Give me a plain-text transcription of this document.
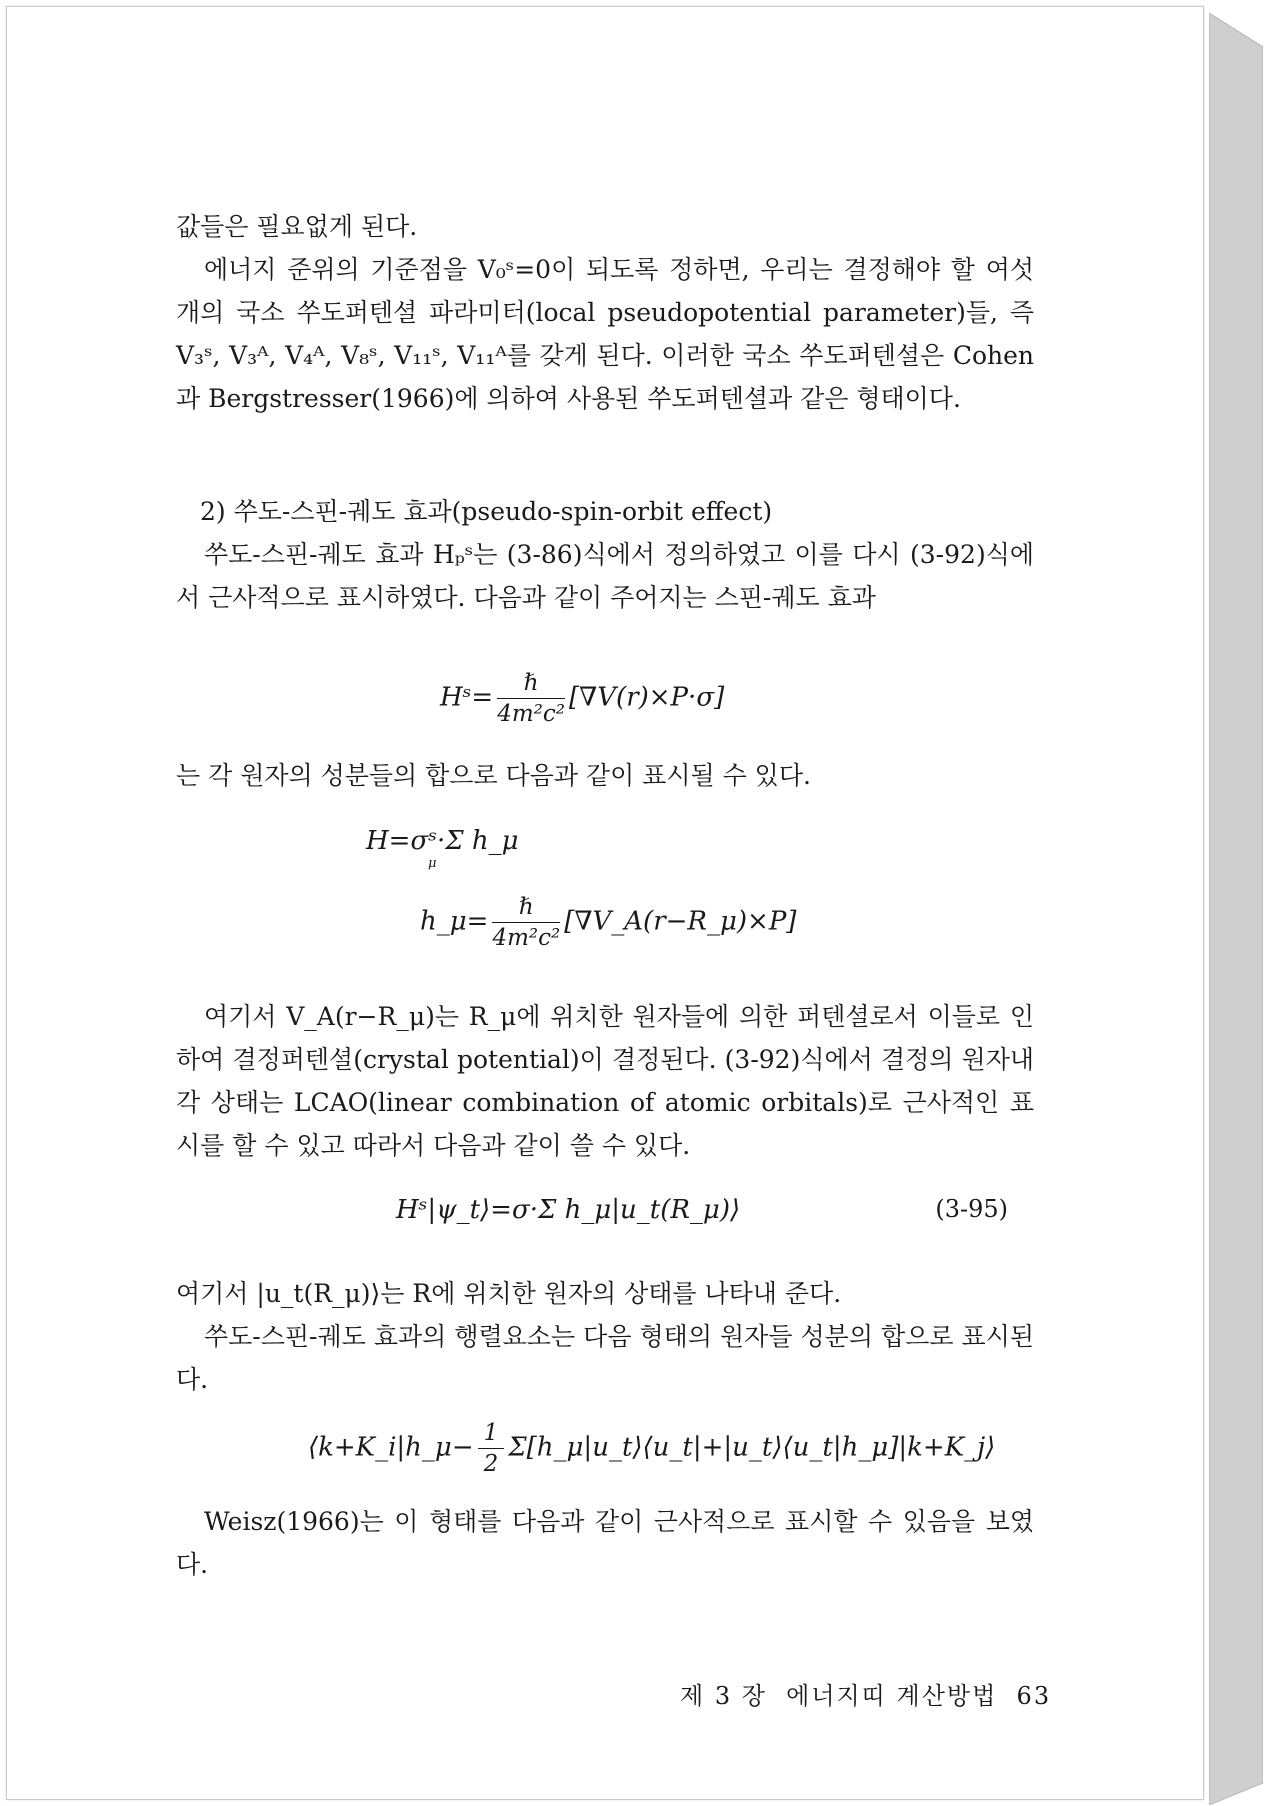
값들은 필요없게 된다.

에너지 준위의 기준점을 V₀ˢ=0이 되도록 정하면, 우리는 결정해야 할 여섯 개의 국소 쑤도퍼텐셜 파라미터(local pseudopotential parameter)들, 즉 V₃ˢ, V₃ᴬ, V₄ᴬ, V₈ˢ, V₁₁ˢ, V₁₁ᴬ를 갖게 된다. 이러한 국소 쑤도퍼텐셜은 Cohen과 Bergstresser(1966)에 의하여 사용된 쑤도퍼텐셜과 같은 형태이다.

2) 쑤도-스핀-궤도 효과(pseudo-spin-orbit effect)

쑤도-스핀-궤도 효과 Hₚˢ는 (3-86)식에서 정의하였고 이를 다시 (3-92)식에서 근사적으로 표시하였다. 다음과 같이 주어지는 스핀-궤도 효과

Hˢ= $\frac{\text{ℏ}}{\text{4m²c²}} [\nabla V(r)\times P\cdot\sigma]$

는 각 원자의 성분들의 합으로 다음과 같이 표시될 수 있다.

H=σˢ·Σ h_μ
μ
h_μ= $\frac{\text{ℏ}}{\text{4m²c²}}$ [∇V_A(r−R_μ)×P]

여기서 V_A(r−R_μ)는 R_μ에 위치한 원자들에 의한 퍼텐셜로서 이들로 인하여 결정퍼텐셜(crystal potential)이 결정된다. (3-92)식에서 결정의 원자내각 상태는 LCAO(linear combination of atomic orbitals)로 근사적인 표시를 할 수 있고 따라서 다음과 같이 쓸 수 있다.

Hˢ|ψ_t⟩=σ·Σ h_μ|u_t(R_μ)⟩	(3-95)

여기서 |u_t(R_μ)⟩는 R에 위치한 원자의 상태를 나타내 준다.

쑤도-스핀-궤도 효과의 행렬요소는 다음 형태의 원자들 성분의 합으로 표시된다.

⟨k+K_i|h_μ− $\frac{1}{2}$ Σ[h_μ|u_t⟩⟨u_t|+|u_t⟩⟨u_t|h_μ]|k+K_j⟩

Weisz(1966)는 이 형태를 다음과 같이 근사적으로 표시할 수 있음을 보였다.

제 3 장 에너지띠 계산방법 63
